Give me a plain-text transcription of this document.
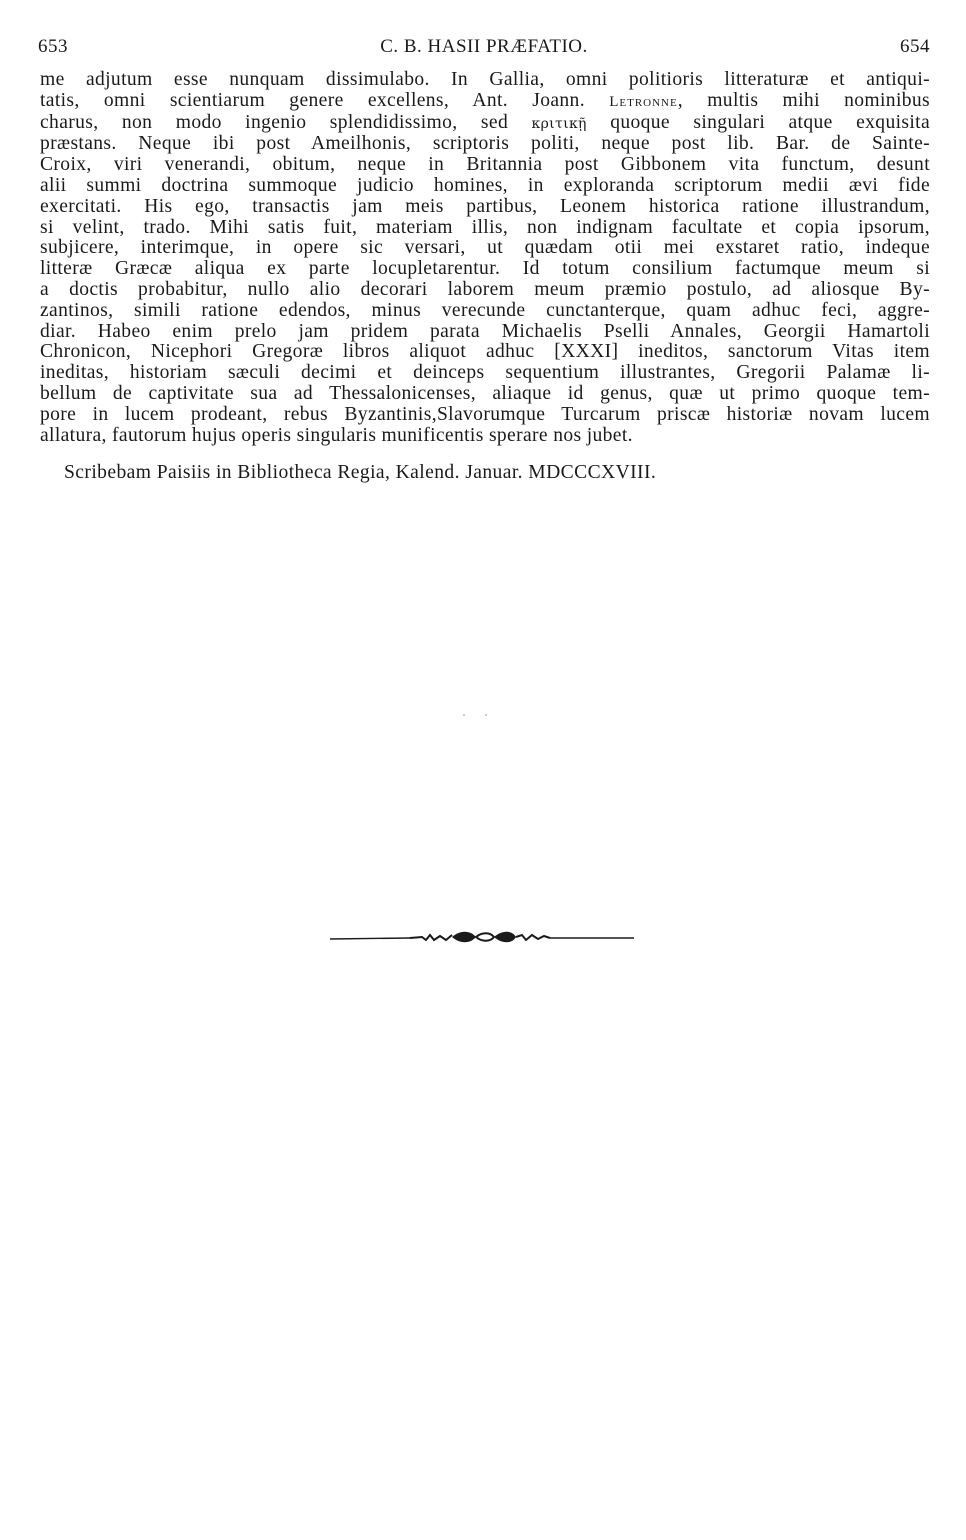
653	C. B. HASII PRÆFATIO.	654
me adjutum esse nunquam dissimulabo. In Gallia, omni politioris litteraturæ et antiqui-
tatis, omni scientiarum genere excellens, Ant. Joann. Letronne, multis mihi nominibus
charus, non modo ingenio splendidissimo, sed κριτικῇ quoque singulari atque exquisita
præstans. Neque ibi post Ameilhonis, scriptoris politi, neque post lib. Bar. de Sainte-
Croix, viri venerandi, obitum, neque in Britannia post Gibbonem vita functum, desunt
alii summi doctrina summoque judicio homines, in exploranda scriptorum medii ævi fide
exercitati. His ego, transactis jam meis partibus, Leonem historica ratione illustrandum,
si velint, trado. Mihi satis fuit, materiam illis, non indignam facultate et copia ipsorum,
subjicere, interimque, in opere sic versari, ut quædam otii mei exstaret ratio, indeque
litteræ Græcæ aliqua ex parte locupletarentur. Id totum consilium factumque meum si
a doctis probabitur, nullo alio decorari laborem meum præmio postulo, ad aliosque By-
zantinos, simili ratione edendos, minus verecunde cunctanterque, quam adhuc feci, aggre-
diar. Habeo enim prelo jam pridem parata Michaelis Pselli Annales, Georgii Hamartoli
Chronicon, Nicephori Gregoræ libros aliquot adhuc [XXXI] ineditos, sanctorum Vitas item
ineditas, historiam sæculi decimi et deinceps sequentium illustrantes, Gregorii Palamæ li-
bellum de captivitate sua ad Thessalonicenses, aliaque id genus, quæ ut primo quoque tem-
pore in lucem prodeant, rebus Byzantinis,Slavorumque Turcarum priscæ historiæ novam lucem
allatura, fautorum hujus operis singularis munificentis sperare nos jubet.
Scribebam Paisiis in Bibliotheca Regia, Kalend. Januar. MDCCCXVIII.
